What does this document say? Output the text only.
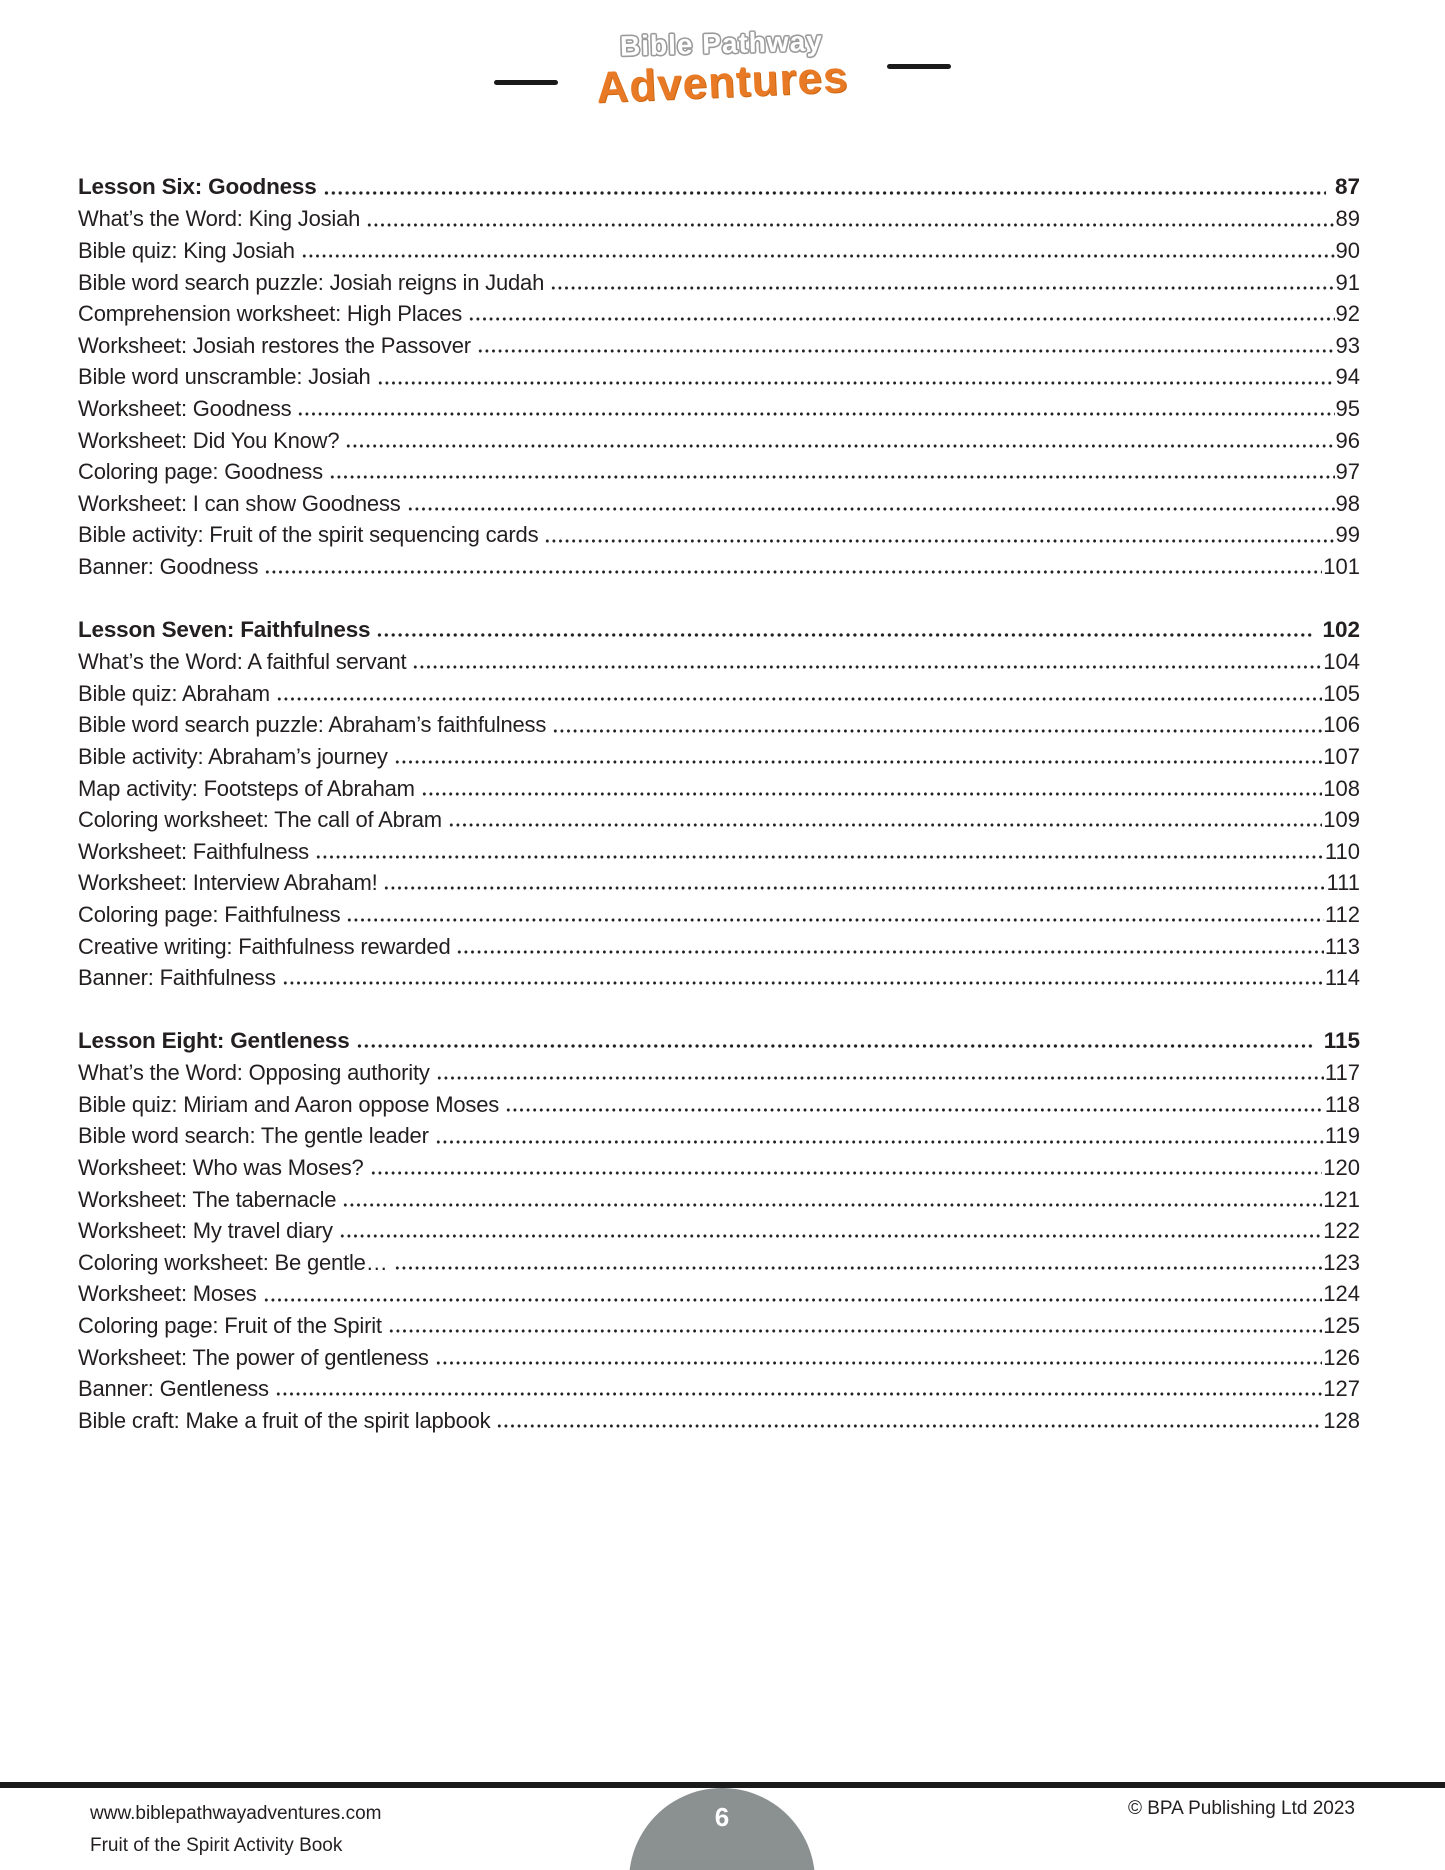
Bible Pathway
Adventures
Lesson Six: Goodness	87
What’s the Word: King Josiah	89
Bible quiz: King Josiah	90
Bible word search puzzle: Josiah reigns in Judah	91
Comprehension worksheet: High Places	92
Worksheet: Josiah restores the Passover	93
Bible word unscramble: Josiah	94
Worksheet: Goodness	95
Worksheet: Did You Know?	96
Coloring page: Goodness	97
Worksheet: I can show Goodness	98
Bible activity: Fruit of the spirit sequencing cards	99
Banner: Goodness	101
Lesson Seven: Faithfulness	102
What’s the Word: A faithful servant	104
Bible quiz: Abraham	105
Bible word search puzzle: Abraham’s faithfulness	106
Bible activity: Abraham’s journey	107
Map activity: Footsteps of Abraham	108
Coloring worksheet: The call of Abram	109
Worksheet: Faithfulness	110
Worksheet: Interview Abraham!	111
Coloring page: Faithfulness	112
Creative writing: Faithfulness rewarded	113
Banner: Faithfulness	114
Lesson Eight: Gentleness	115
What’s the Word: Opposing authority	117
Bible quiz: Miriam and Aaron oppose Moses	118
Bible word search: The gentle leader	119
Worksheet: Who was Moses?	120
Worksheet: The tabernacle	121
Worksheet: My travel diary	122
Coloring worksheet: Be gentle…	123
Worksheet: Moses	124
Coloring page: Fruit of the Spirit	125
Worksheet: The power of gentleness	126
Banner: Gentleness	127
Bible craft: Make a fruit of the spirit lapbook	128
www.biblepathwayadventures.com
Fruit of the Spirit Activity Book
© BPA Publishing Ltd 2023
6
